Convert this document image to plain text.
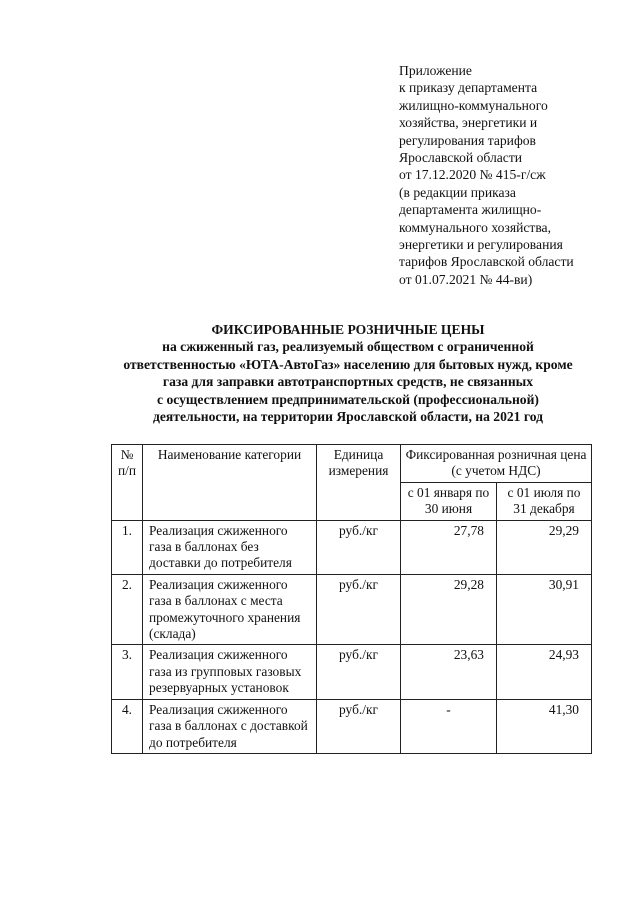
Приложение
к приказу департамента
жилищно-коммунального
хозяйства, энергетики и
регулирования тарифов
Ярославской области
от 17.12.2020 № 415-г/сж
(в редакции приказа
департамента жилищно-
коммунального хозяйства,
энергетики и регулирования
тарифов Ярославской области
от 01.07.2021 № 44-ви)
ФИКСИРОВАННЫЕ РОЗНИЧНЫЕ ЦЕНЫ
на сжиженный газ, реализуемый обществом с ограниченной
ответственностью «ЮТА-АвтоГаз» населению для бытовых нужд, кроме
газа для заправки автотранспортных средств, не связанных
с осуществлением предпринимательской (профессиональной)
деятельности, на территории Ярославской области, на 2021 год
№ п/п	Наименование категории	Единица измерения	Фиксированная розничная цена (с учетом НДС)	
			с 01 января по 30 июня	с 01 июля по 31 декабря
1.	Реализация сжиженного газа в баллонах без доставки до потребителя	руб./кг	27,78	29,29
2.	Реализация сжиженного газа в баллонах с места промежуточного хранения (склада)	руб./кг	29,28	30,91
3.	Реализация сжиженного газа из групповых газовых резервуарных установок	руб./кг	23,63	24,93
4.	Реализация сжиженного газа в баллонах с доставкой до потребителя	руб./кг	-	41,30
